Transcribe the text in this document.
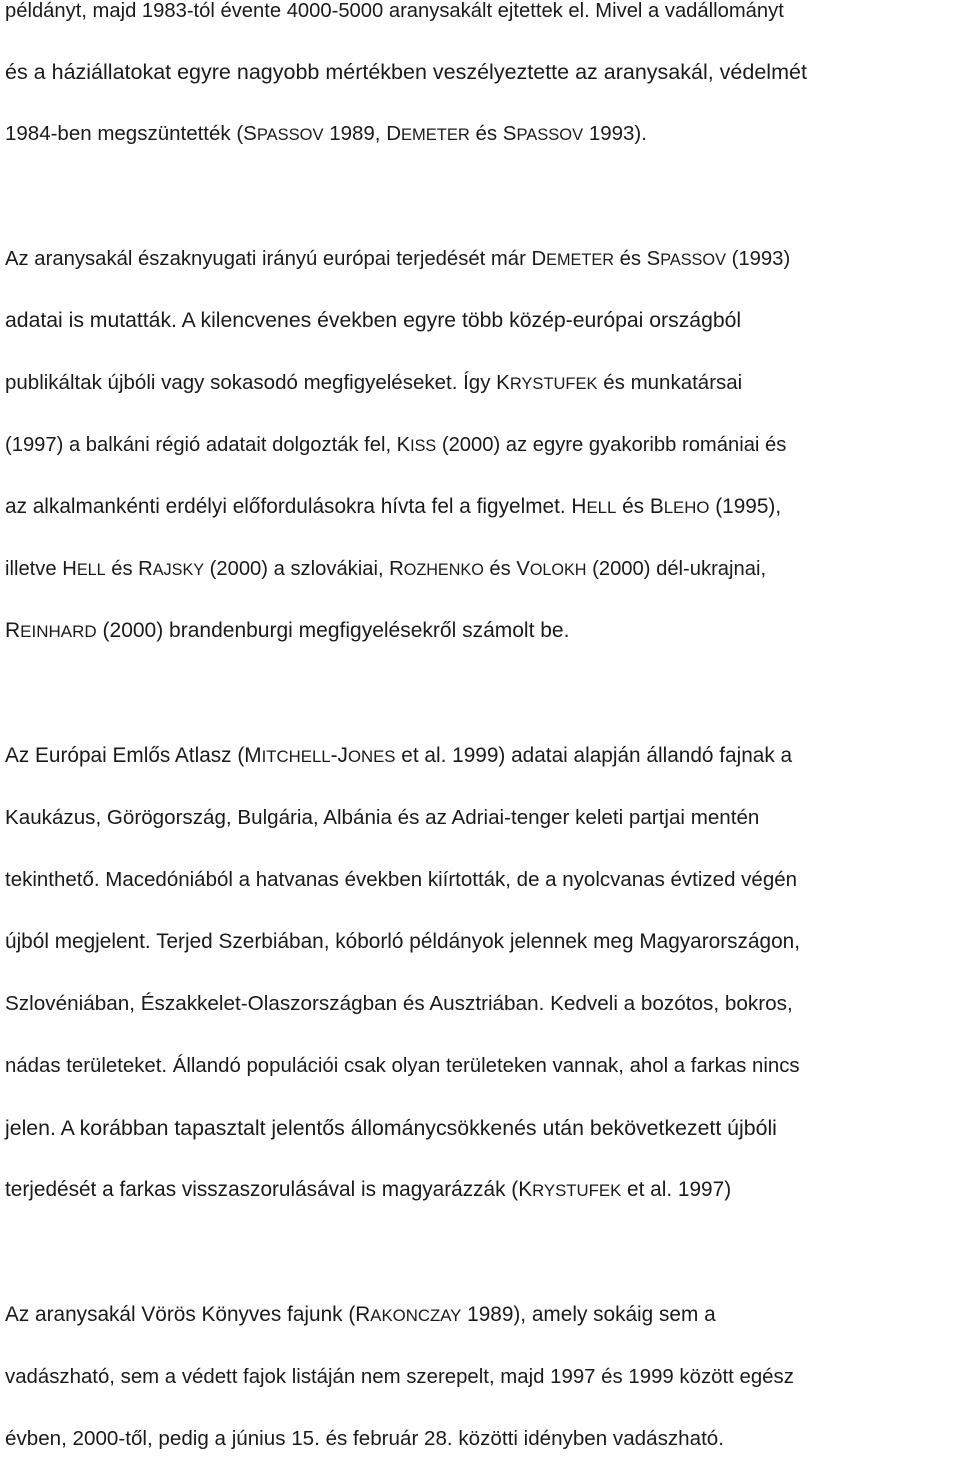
példányt, majd 1983-tól évente 4000-5000 aranysakált ejtettek el. Mivel a vadállományt
és a háziállatokat egyre nagyobb mértékben veszélyeztette az aranysakál, védelmét
1984-ben megszüntették (SPASSOV 1989, DEMETER és SPASSOV 1993).
Az aranysakál északnyugati irányú európai terjedését már DEMETER és SPASSOV (1993)
adatai is mutatták. A kilencvenes években egyre több közép-európai országból
publikáltak újbóli vagy sokasodó megfigyeléseket. Így KRYSTUFEK és munkatársai
(1997) a balkáni régió adatait dolgozták fel, KISS (2000) az egyre gyakoribb romániai és
az alkalmankénti erdélyi előfordulásokra hívta fel a figyelmet. HELL és BLEHO (1995),
illetve HELL és RAJSKY (2000) a szlovákiai, ROZHENKO és VOLOKH (2000) dél-ukrajnai,
REINHARD (2000) brandenburgi megfigyelésekről számolt be.
Az Európai Emlős Atlasz (MITCHELL-JONES et al. 1999) adatai alapján állandó fajnak a
Kaukázus, Görögország, Bulgária, Albánia és az Adriai-tenger keleti partjai mentén
tekinthető. Macedóniából a hatvanas években kiírtották, de a nyolcvanas évtized végén
újból megjelent. Terjed Szerbiában, kóborló példányok jelennek meg Magyarországon,
Szlovéniában, Északkelet-Olaszországban és Ausztriában. Kedveli a bozótos, bokros,
nádas területeket. Állandó populációi csak olyan területeken vannak, ahol a farkas nincs
jelen. A korábban tapasztalt jelentős állománycsökkenés után bekövetkezett újbóli
terjedését a farkas visszaszorulásával is magyarázzák (KRYSTUFEK et al. 1997)
Az aranysakál Vörös Könyves fajunk (RAKONCZAY 1989), amely sokáig sem a
vadászható, sem a védett fajok listáján nem szerepelt, majd 1997 és 1999 között egész
évben, 2000-től, pedig a június 15. és február 28. közötti idényben vadászható.
